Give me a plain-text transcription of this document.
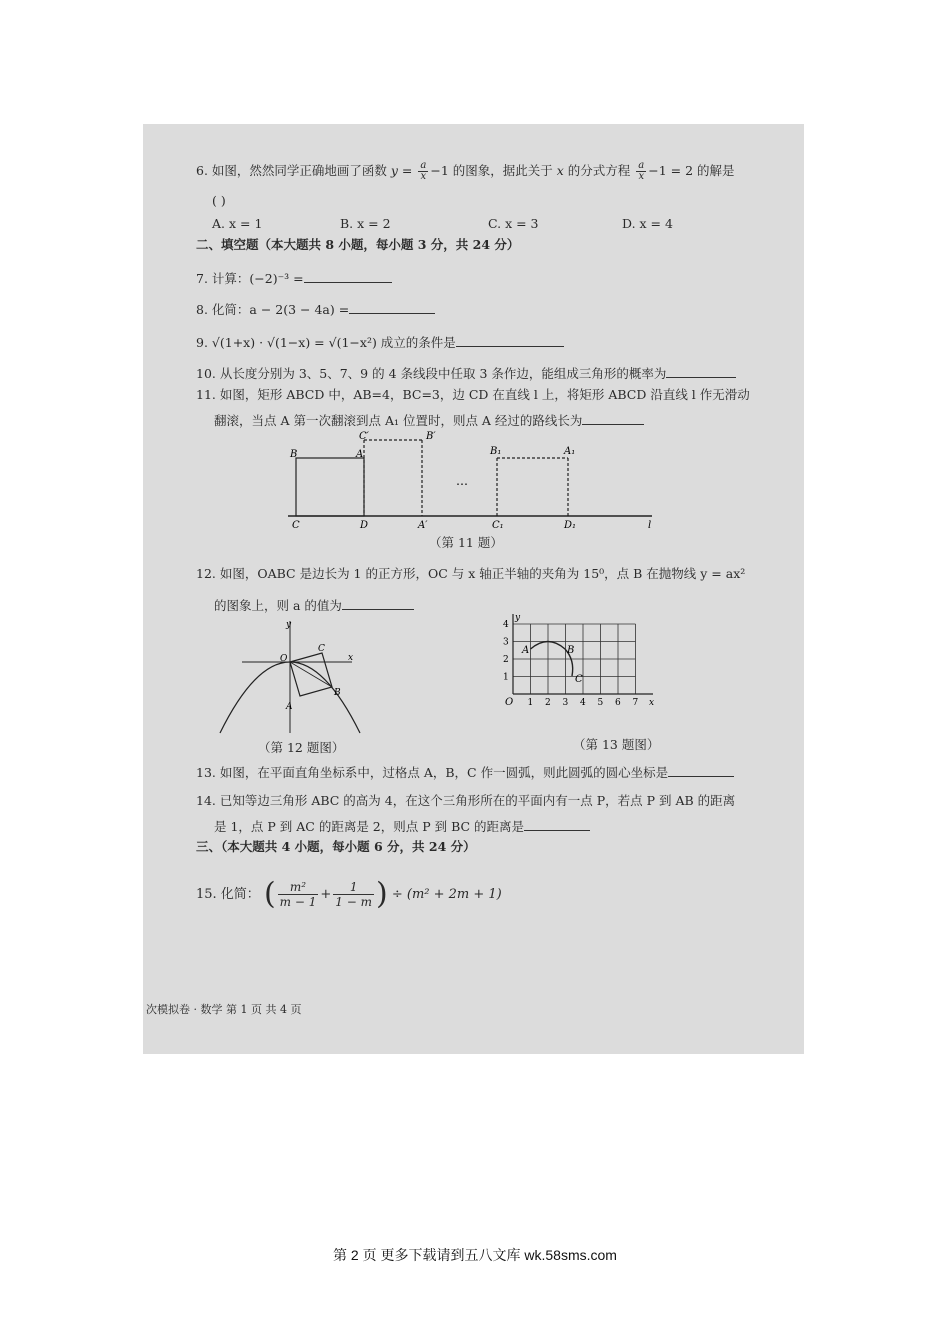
6. 如图，然然同学正确地画了函数 $y = \frac{a}{x} -1$ 的图象，据此关于 x 的分式方程 $\frac{a}{x} -1 = 2$ 的解是
( )
A. x = 1	B. x = 2	C. x = 3	D. x = 4
二、填空题（本大题共 8 小题，每小题 3 分，共 24 分）
7. 计算：(−2)⁻³ =
8. 化简：a − 2(3 − 4a) =
9. √(1+x) · √(1−x) = √(1−x²) 成立的条件是
10. 从长度分别为 3、5、7、9 的 4 条线段中任取 3 条作边，能组成三角形的概率为
11. 如图，矩形 ABCD 中，AB=4，BC=3，边 CD 在直线 l 上，将矩形 ABCD 沿直线 l 作无滑动
翻滚，当点 A 第一次翻滚到点 A₁ 位置时，则点 A 经过的路线长为
C′	B′
B	A	B₁	A₁
…
C	D	A′	C₁	D₁	l
（第 11 题）
12. 如图，OABC 是边长为 1 的正方形，OC 与 x 轴正半轴的夹角为 15⁰，点 B 在抛物线 y = ax²
的图象上，则 a 的值为
y
x
O
C
B
A
（第 12 题图）
1 2 3 4 5 6 7
1
2
3
4
x
y
O
A	B
C
（第 13 题图）
13. 如图，在平面直角坐标系中，过格点 A，B，C 作一圆弧，则此圆弧的圆心坐标是
14. 已知等边三角形 ABC 的高为 4，在这个三角形所在的平面内有一点 P，若点 P 到 AB 的距离
是 1，点 P 到 AC 的距离是 2，则点 P 到 BC 的距离是
三、（本大题共 4 小题，每小题 6 分，共 24 分）
15. 化简： ( $\frac{\text{m²}}{m - 1} + \frac{1}{1 - m}$ ) ÷ (m² + 2m + 1)
次模拟卷 · 数学 第 1 页 共 4 页
第 2 页 更多下载请到五八文库 wk.58sms.com
